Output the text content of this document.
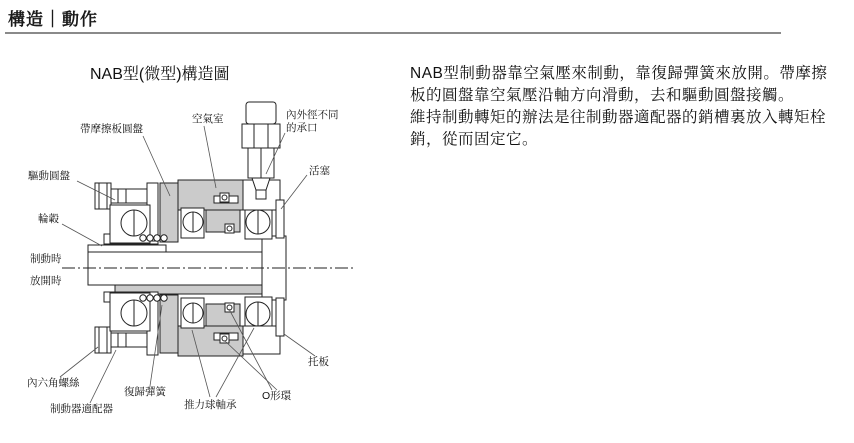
構造｜動作
NAB型(微型)構造圖
帶摩擦板圓盤
空氣室	內外徑不同
的承口
活塞
驅動圓盤
輪轂
制動時
放開時
內六角螺絲
制動器適配器
復歸彈簧
推力球軸承
O形環
托板
NAB型制動器靠空氣壓來制動，靠復歸彈簧來放開。帶摩擦
板的圓盤靠空氣壓沿軸方向滑動，去和驅動圓盤接觸。
維持制動轉矩的辦法是往制動器適配器的銷槽裏放入轉矩栓
銷，從而固定它。
